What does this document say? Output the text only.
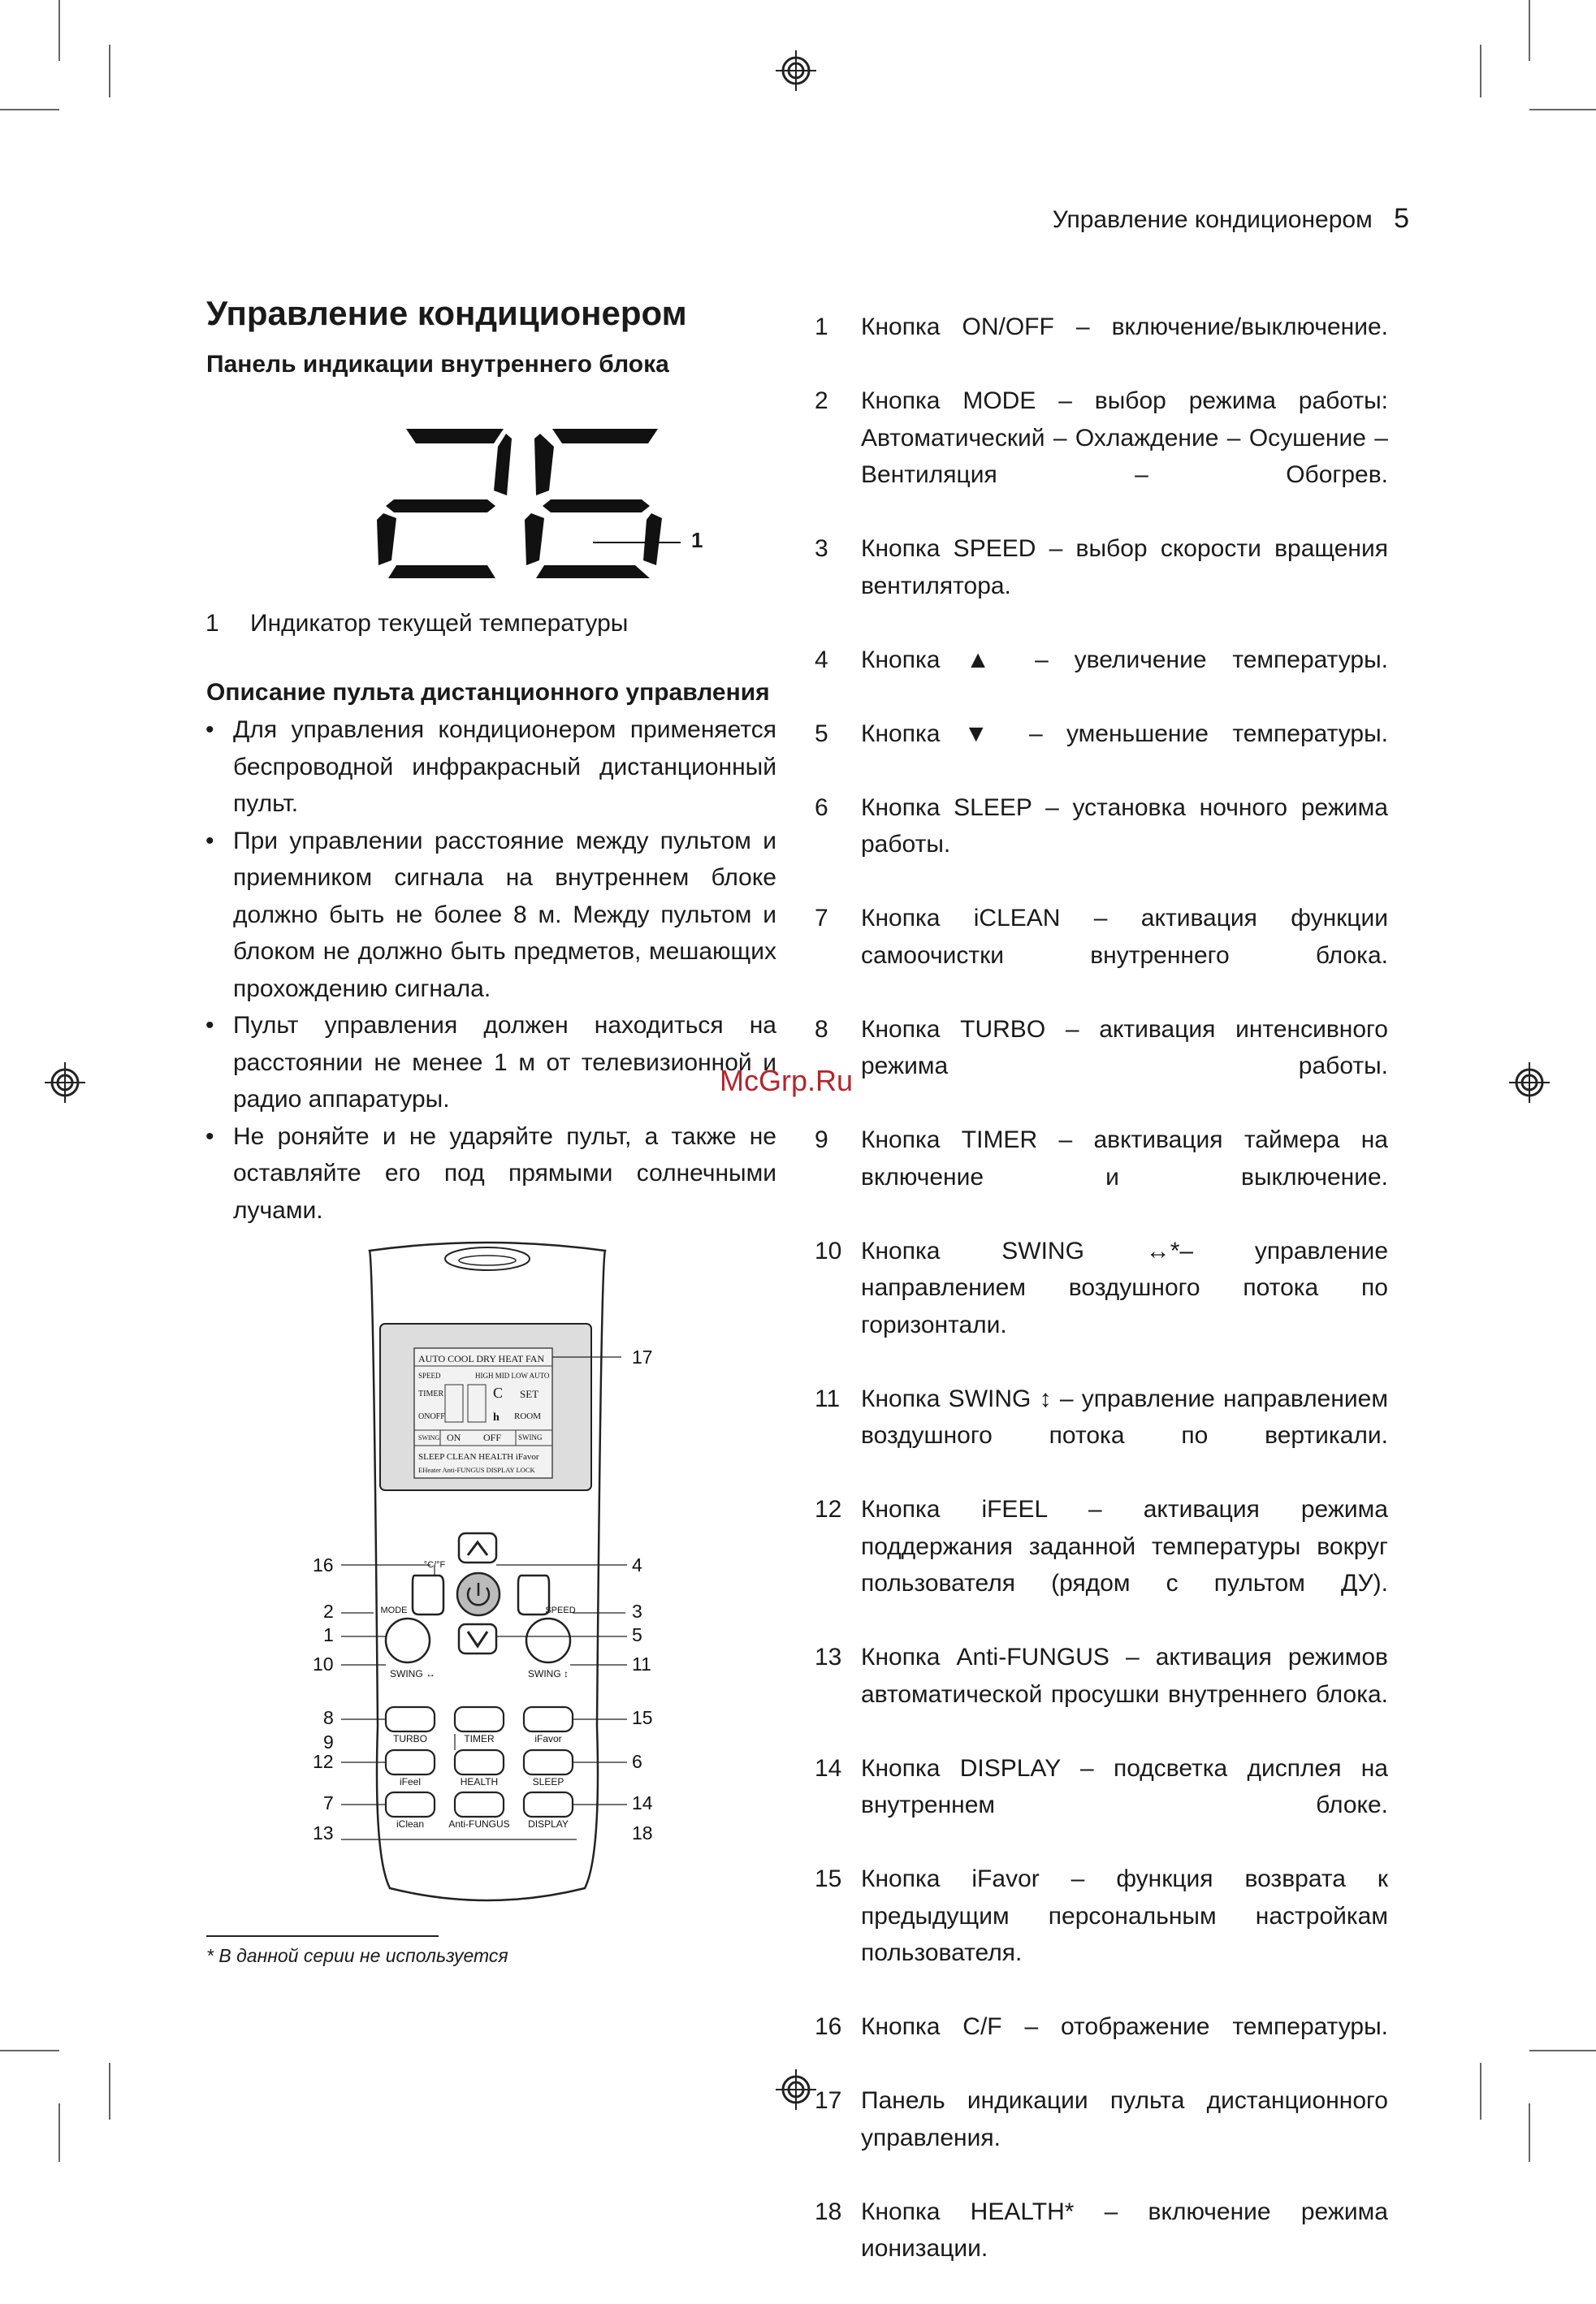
Управление кондиционером 5
Управление кондиционером

Панель индикации внутреннего блока

26
1
1 Индикатор текущей температуры

Описание пульта дистанционного управления

• Для управления кондиционером применяется беспроводной инфракрасный дистанционный пульт.

• При управлении расстояние между пультом и приемником сигнала на внутреннем блоке должно быть не более 8 м. Между пультом и блоком не должно быть предметов, мешающих прохождению сигнала.

• Пульт управления должен находиться на расстоянии не менее 1 м от телевизионной и радио аппаратуры.

• Не роняйте и не ударяйте пульт, а также не оставляйте его под прямыми солнечными лучами.

1	Кнопка ON/OFF – включение/выключение.
2	Кнопка MODE – выбор режима работы: Автоматический – Охлаждение – Осушение – Вентиляция – Обогрев.
3	Кнопка SPEED – выбор скорости вращения вентилятора.
4	Кнопка ▲ – увеличение температуры.
5	Кнопка ▼ – уменьшение температуры.
6	Кнопка SLEEP – установка ночного режима работы.
7	Кнопка iCLEAN – активация функции самоочистки внутреннего блока.
8	Кнопка TURBO – активация интенсивного режима работы.
9	Кнопка TIMER – авктивация таймера на включение и выключение.
10 Кнопка SWING ↔*– управление направлением воздушного потока по горизонтали.
11 Кнопка SWING ↕ – управление направлением воздушного потока по вертикали.
12 Кнопка iFEEL – активация режима поддержания заданной температуры вокруг пользователя (рядом с пультом ДУ).
13 Кнопка Anti-FUNGUS – активация режимов автоматической просушки внутреннего блока.
14 Кнопка DISPLAY – подсветка дисплея на внутреннем блоке.
15 Кнопка iFavor – функция возврата к предыдущим персональным настройкам пользователя.
16 Кнопка C/F – отображение температуры.
17 Панель индикации пульта дистанционного управления.
18 Кнопка HEALTH* – включение режима ионизации.
AUTO COOL DRY HEAT FAN
SPEED	HIGH MID LOW AUTO
TIMER	C SET
ONOFF	h ROOM
SWING ON OFF SWING
SLEEP CLEAN HEALTH iFavor
EHeater Anti-FUNGUS DISPLAY LOCK
°C/°F
MODE	SPEED
SWING ↔	SWING ↕
TURBO	TIMER	iFavor
iFeel	HEALTH	SLEEP
iClean	Anti-FUNGUS DISPLAY
17
16	4
2	3
1	5
10	11
8	15
9
12	6
7	14
13	18
McGrp.Ru
* В данной серии не используется
